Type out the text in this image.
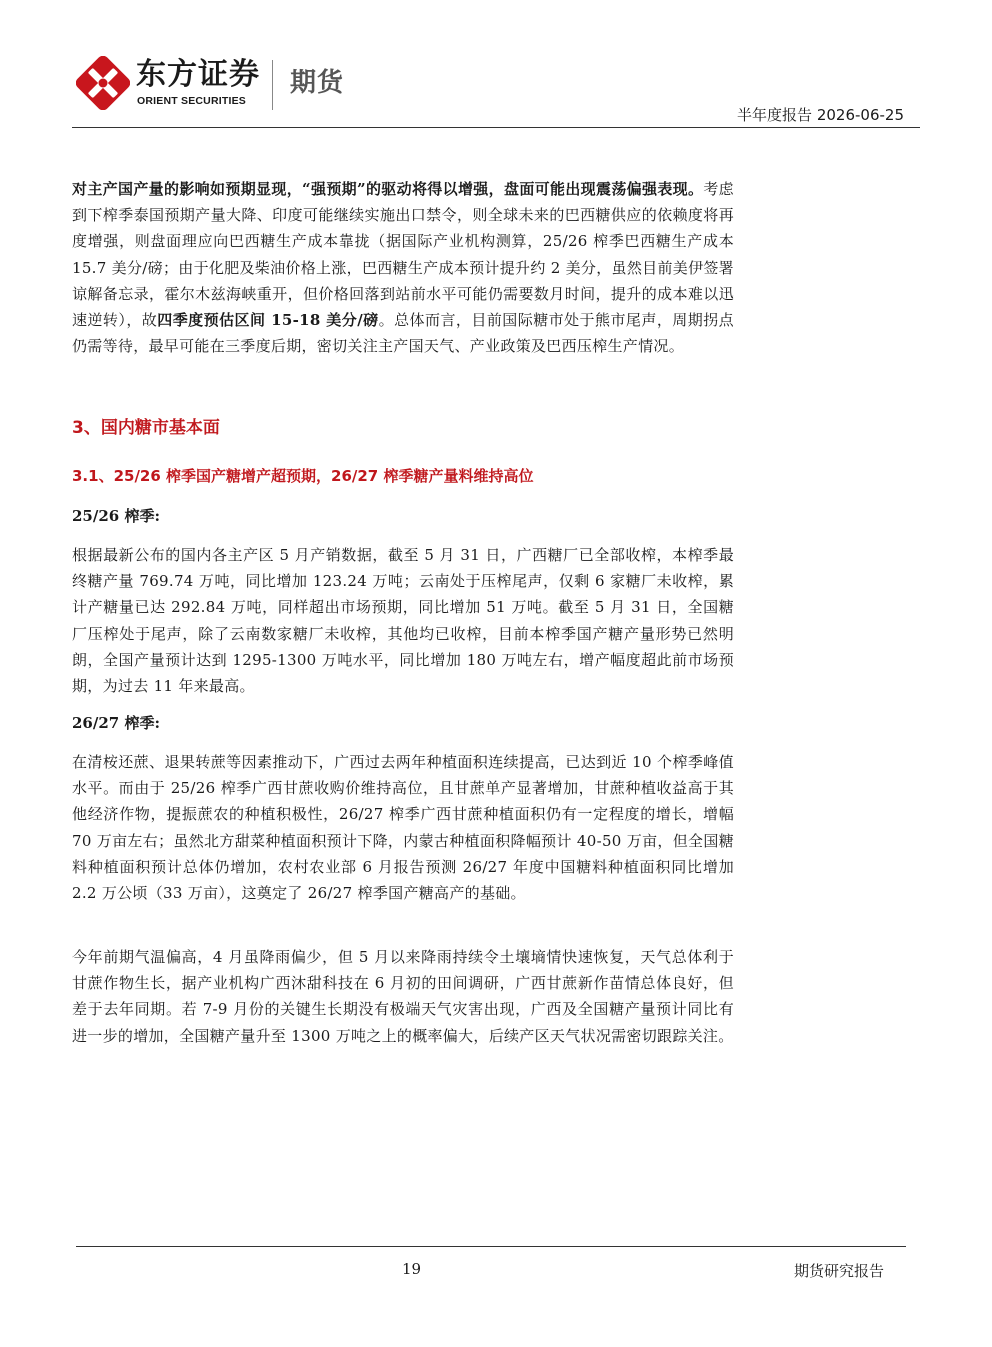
东方证券
ORIENT SECURITIES
期货
半年度报告 2026-06-25

对主产国产量的影响如预期显现，“强预期”的驱动将得以增强，盘面可能出现震荡偏强表现。考虑到下榨季泰国预期产量大降、印度可能继续实施出口禁令，则全球未来的巴西糖供应的依赖度将再度增强，则盘面理应向巴西糖生产成本靠拢（据国际产业机构测算，25/26 榨季巴西糖生产成本 15.7 美分/磅；由于化肥及柴油价格上涨，巴西糖生产成本预计提升约 2 美分，虽然目前美伊签署谅解备忘录，霍尔木兹海峡重开，但价格回落到站前水平可能仍需要数月时间，提升的成本难以迅速逆转），故四季度预估区间 15-18 美分/磅。总体而言，目前国际糖市处于熊市尾声，周期拐点仍需等待，最早可能在三季度后期，密切关注主产国天气、产业政策及巴西压榨生产情况。

3、国内糖市基本面
3.1、25/26 榨季国产糖增产超预期，26/27 榨季糖产量料维持高位
25/26 榨季:

根据最新公布的国内各主产区 5 月产销数据，截至 5 月 31 日，广西糖厂已全部收榨，本榨季最终糖产量 769.74 万吨，同比增加 123.24 万吨；云南处于压榨尾声，仅剩 6 家糖厂未收榨，累计产糖量已达 292.84 万吨，同样超出市场预期，同比增加 51 万吨。截至 5 月 31 日，全国糖厂压榨处于尾声，除了云南数家糖厂未收榨，其他均已收榨，目前本榨季国产糖产量形势已然明朗，全国产量预计达到 1295-1300 万吨水平，同比增加 180 万吨左右，增产幅度超此前市场预期，为过去 11 年来最高。

26/27 榨季:

在清桉还蔗、退果转蔗等因素推动下，广西过去两年种植面积连续提高，已达到近 10 个榨季峰值水平。而由于 25/26 榨季广西甘蔗收购价维持高位，且甘蔗单产显著增加，甘蔗种植收益高于其他经济作物，提振蔗农的种植积极性，26/27 榨季广西甘蔗种植面积仍有一定程度的增长，增幅 70 万亩左右；虽然北方甜菜种植面积预计下降，内蒙古种植面积降幅预计 40-50 万亩，但全国糖料种植面积预计总体仍增加，农村农业部 6 月报告预测 26/27 年度中国糖料种植面积同比增加 2.2 万公顷（33 万亩），这奠定了 26/27 榨季国产糖高产的基础。

今年前期气温偏高，4 月虽降雨偏少，但 5 月以来降雨持续令土壤墒情快速恢复，天气总体利于甘蔗作物生长，据产业机构广西沐甜科技在 6 月初的田间调研，广西甘蔗新作苗情总体良好，但差于去年同期。若 7-9 月份的关键生长期没有极端天气灾害出现，广西及全国糖产量预计同比有进一步的增加，全国糖产量升至 1300 万吨之上的概率偏大，后续产区天气状况需密切跟踪关注。

19	期货研究报告
